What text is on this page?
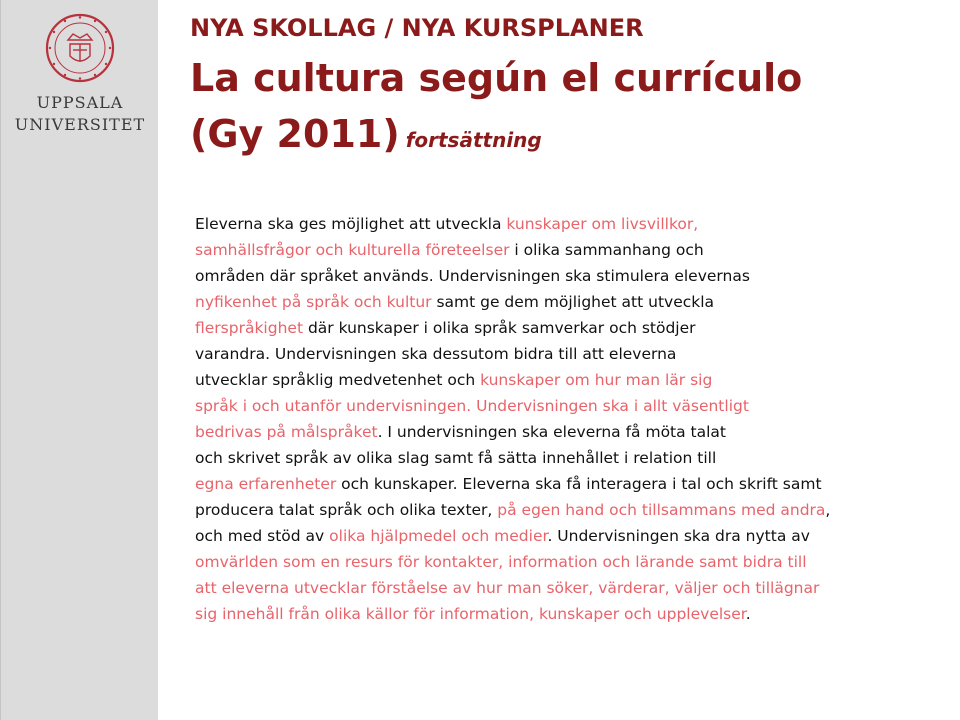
UPPSALA
UNIVERSITET
NYA SKOLLAG / NYA KURSPLANER
La cultura según el currículo
(Gy 2011) fortsättning
Eleverna ska ges möjlighet att utveckla kunskaper om livsvillkor,
samhällsfrågor och kulturella företeelser i olika sammanhang och
områden där språket används. Undervisningen ska stimulera elevernas
nyfikenhet på språk och kultur samt ge dem möjlighet att utveckla
flerspråkighet där kunskaper i olika språk samverkar och stödjer
varandra. Undervisningen ska dessutom bidra till att eleverna
utvecklar språklig medvetenhet och kunskaper om hur man lär sig
språk i och utanför undervisningen. Undervisningen ska i allt väsentligt
bedrivas på målspråket. I undervisningen ska eleverna få möta talat
och skrivet språk av olika slag samt få sätta innehållet i relation till
egna erfarenheter och kunskaper. Eleverna ska få interagera i tal och skrift samt
producera talat språk och olika texter, på egen hand och tillsammans med andra,
och med stöd av olika hjälpmedel och medier. Undervisningen ska dra nytta av
omvärlden som en resurs för kontakter, information och lärande samt bidra till
att eleverna utvecklar förståelse av hur man söker, värderar, väljer och tillägnar
sig innehåll från olika källor för information, kunskaper och upplevelser.
